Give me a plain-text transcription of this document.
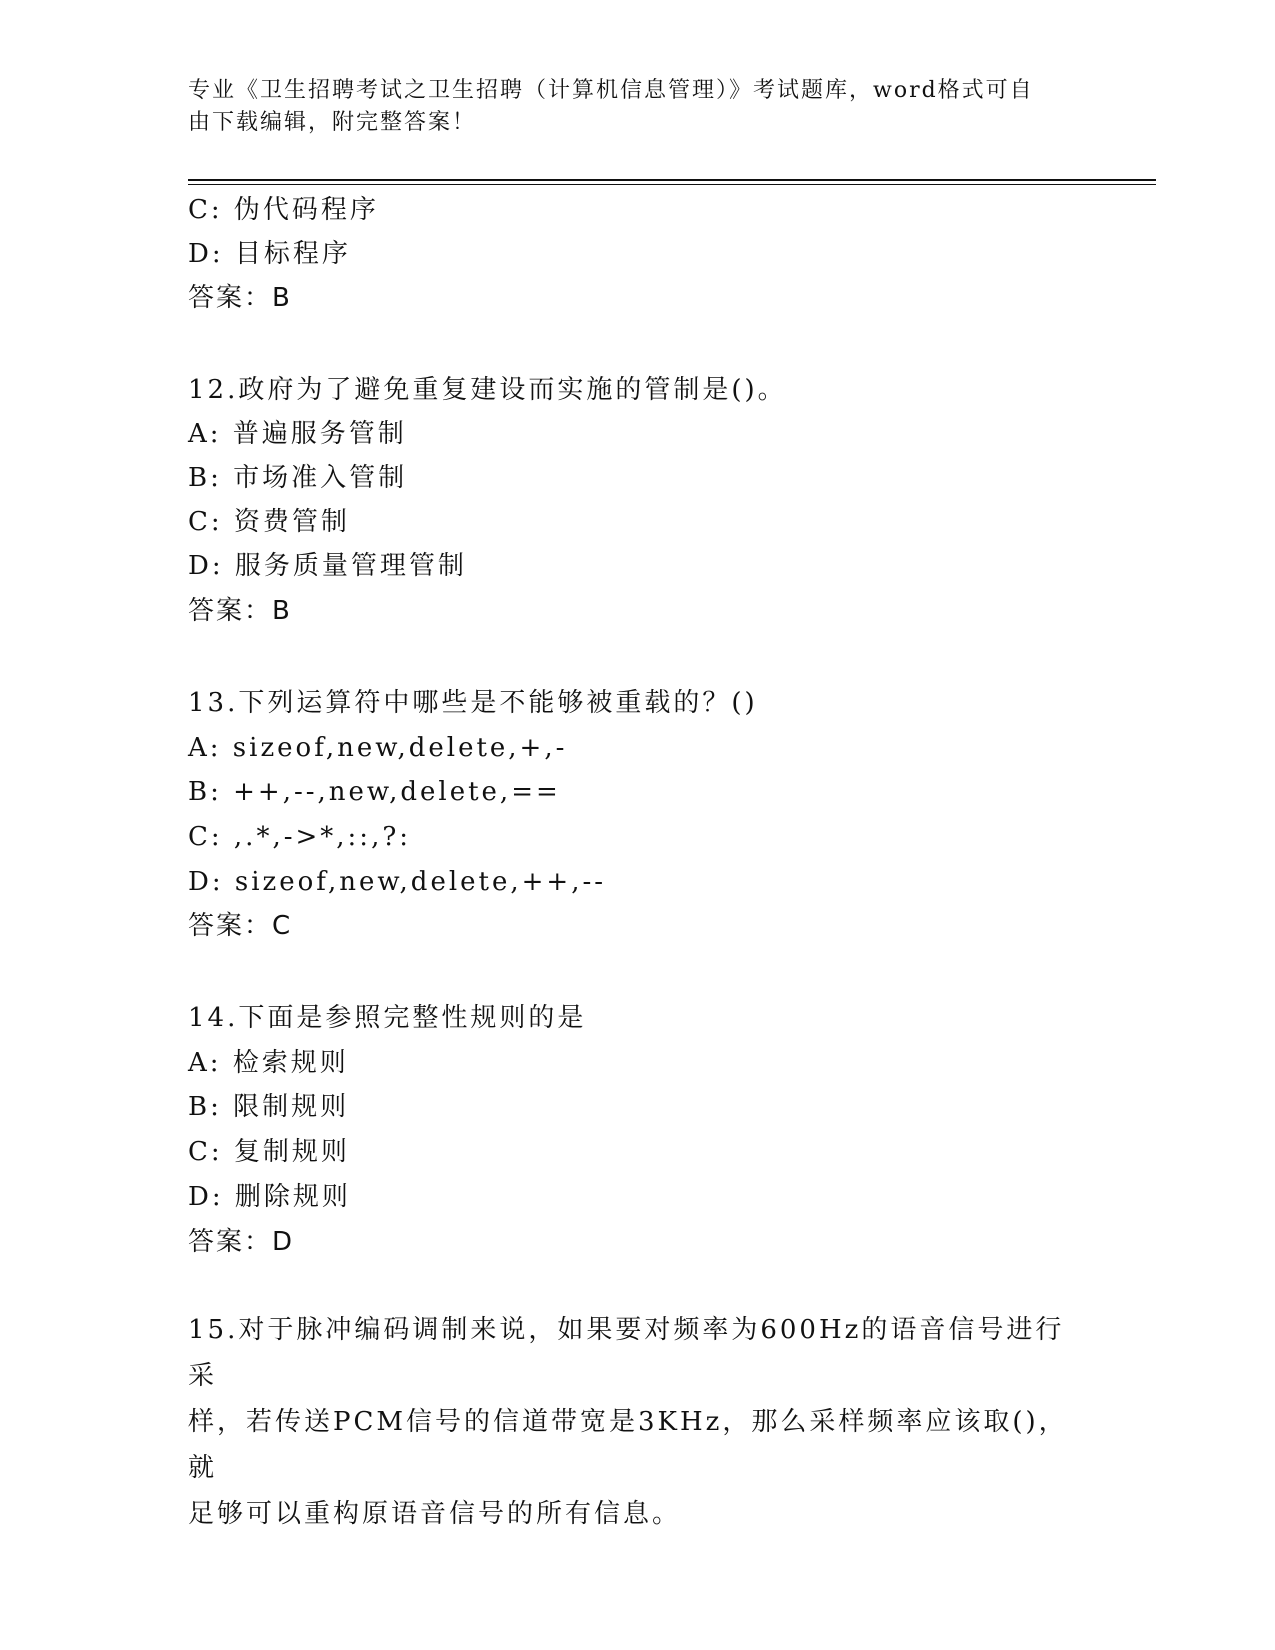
专业《卫生招聘考试之卫生招聘（计算机信息管理）》考试题库，word格式可自
由下载编辑，附完整答案！
C: 伪代码程序
D: 目标程序
答案：B
12.政府为了避免重复建设而实施的管制是()。
A: 普遍服务管制
B: 市场准入管制
C: 资费管制
D: 服务质量管理管制
答案：B
13.下列运算符中哪些是不能够被重载的？()
A: sizeof,new,delete,+,-
B: ++,--,new,delete,==
C: ,.*,->*,::,?:
D: sizeof,new,delete,++,--
答案：C
14.下面是参照完整性规则的是
A: 检索规则
B: 限制规则
C: 复制规则
D: 删除规则
答案：D
15.对于脉冲编码调制来说，如果要对频率为600Hz的语音信号进行采
样，若传送PCM信号的信道带宽是3KHz，那么采样频率应该取()，就
足够可以重构原语音信号的所有信息。
